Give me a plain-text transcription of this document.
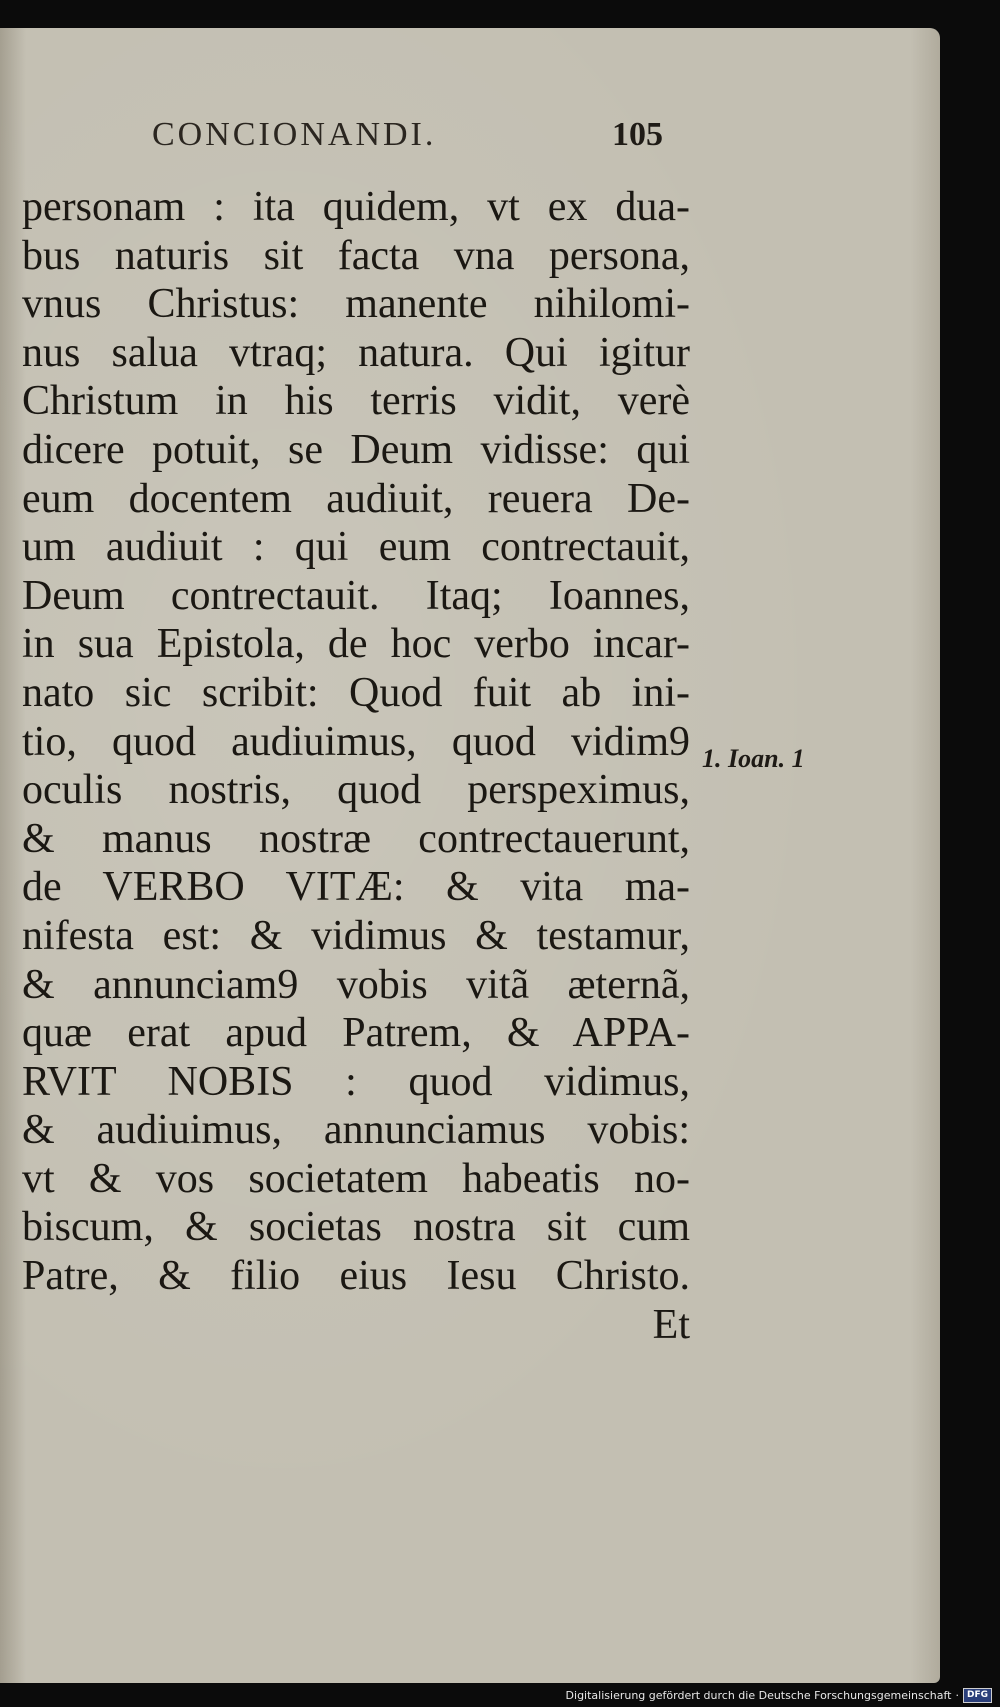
CONCIONANDI.	105
personam : ita quidem, vt ex dua-
bus naturis sit facta vna persona,
vnus Christus: manente nihilomi-
nus salua vtraq; natura. Qui igitur
Christum in his terris vidit, verè
dicere potuit, se Deum vidisse: qui
eum docentem audiuit, reuera De-
um audiuit : qui eum contrectauit,
Deum contrectauit. Itaq; Ioannes,
in sua Epistola, de hoc verbo incar-
nato sic scribit: Quod fuit ab ini-
tio, quod audiuimus, quod vidim9
oculis nostris, quod perspeximus,
& manus nostræ contrectauerunt,
de VERBO VITÆ: & vita ma-
nifesta est: & vidimus & testamur,
& annunciam9 vobis vitã æternã,
quæ erat apud Patrem, & APPA-
RVIT NOBIS : quod vidimus,
& audiuimus, annunciamus vobis:
vt & vos societatem habeatis no-
biscum, & societas nostra sit cum
Patre, & filio eius Iesu Christo.
Et
1. Ioan. 1
Digitalisierung gefördert durch die Deutsche Forschungsgemeinschaft · DFG
